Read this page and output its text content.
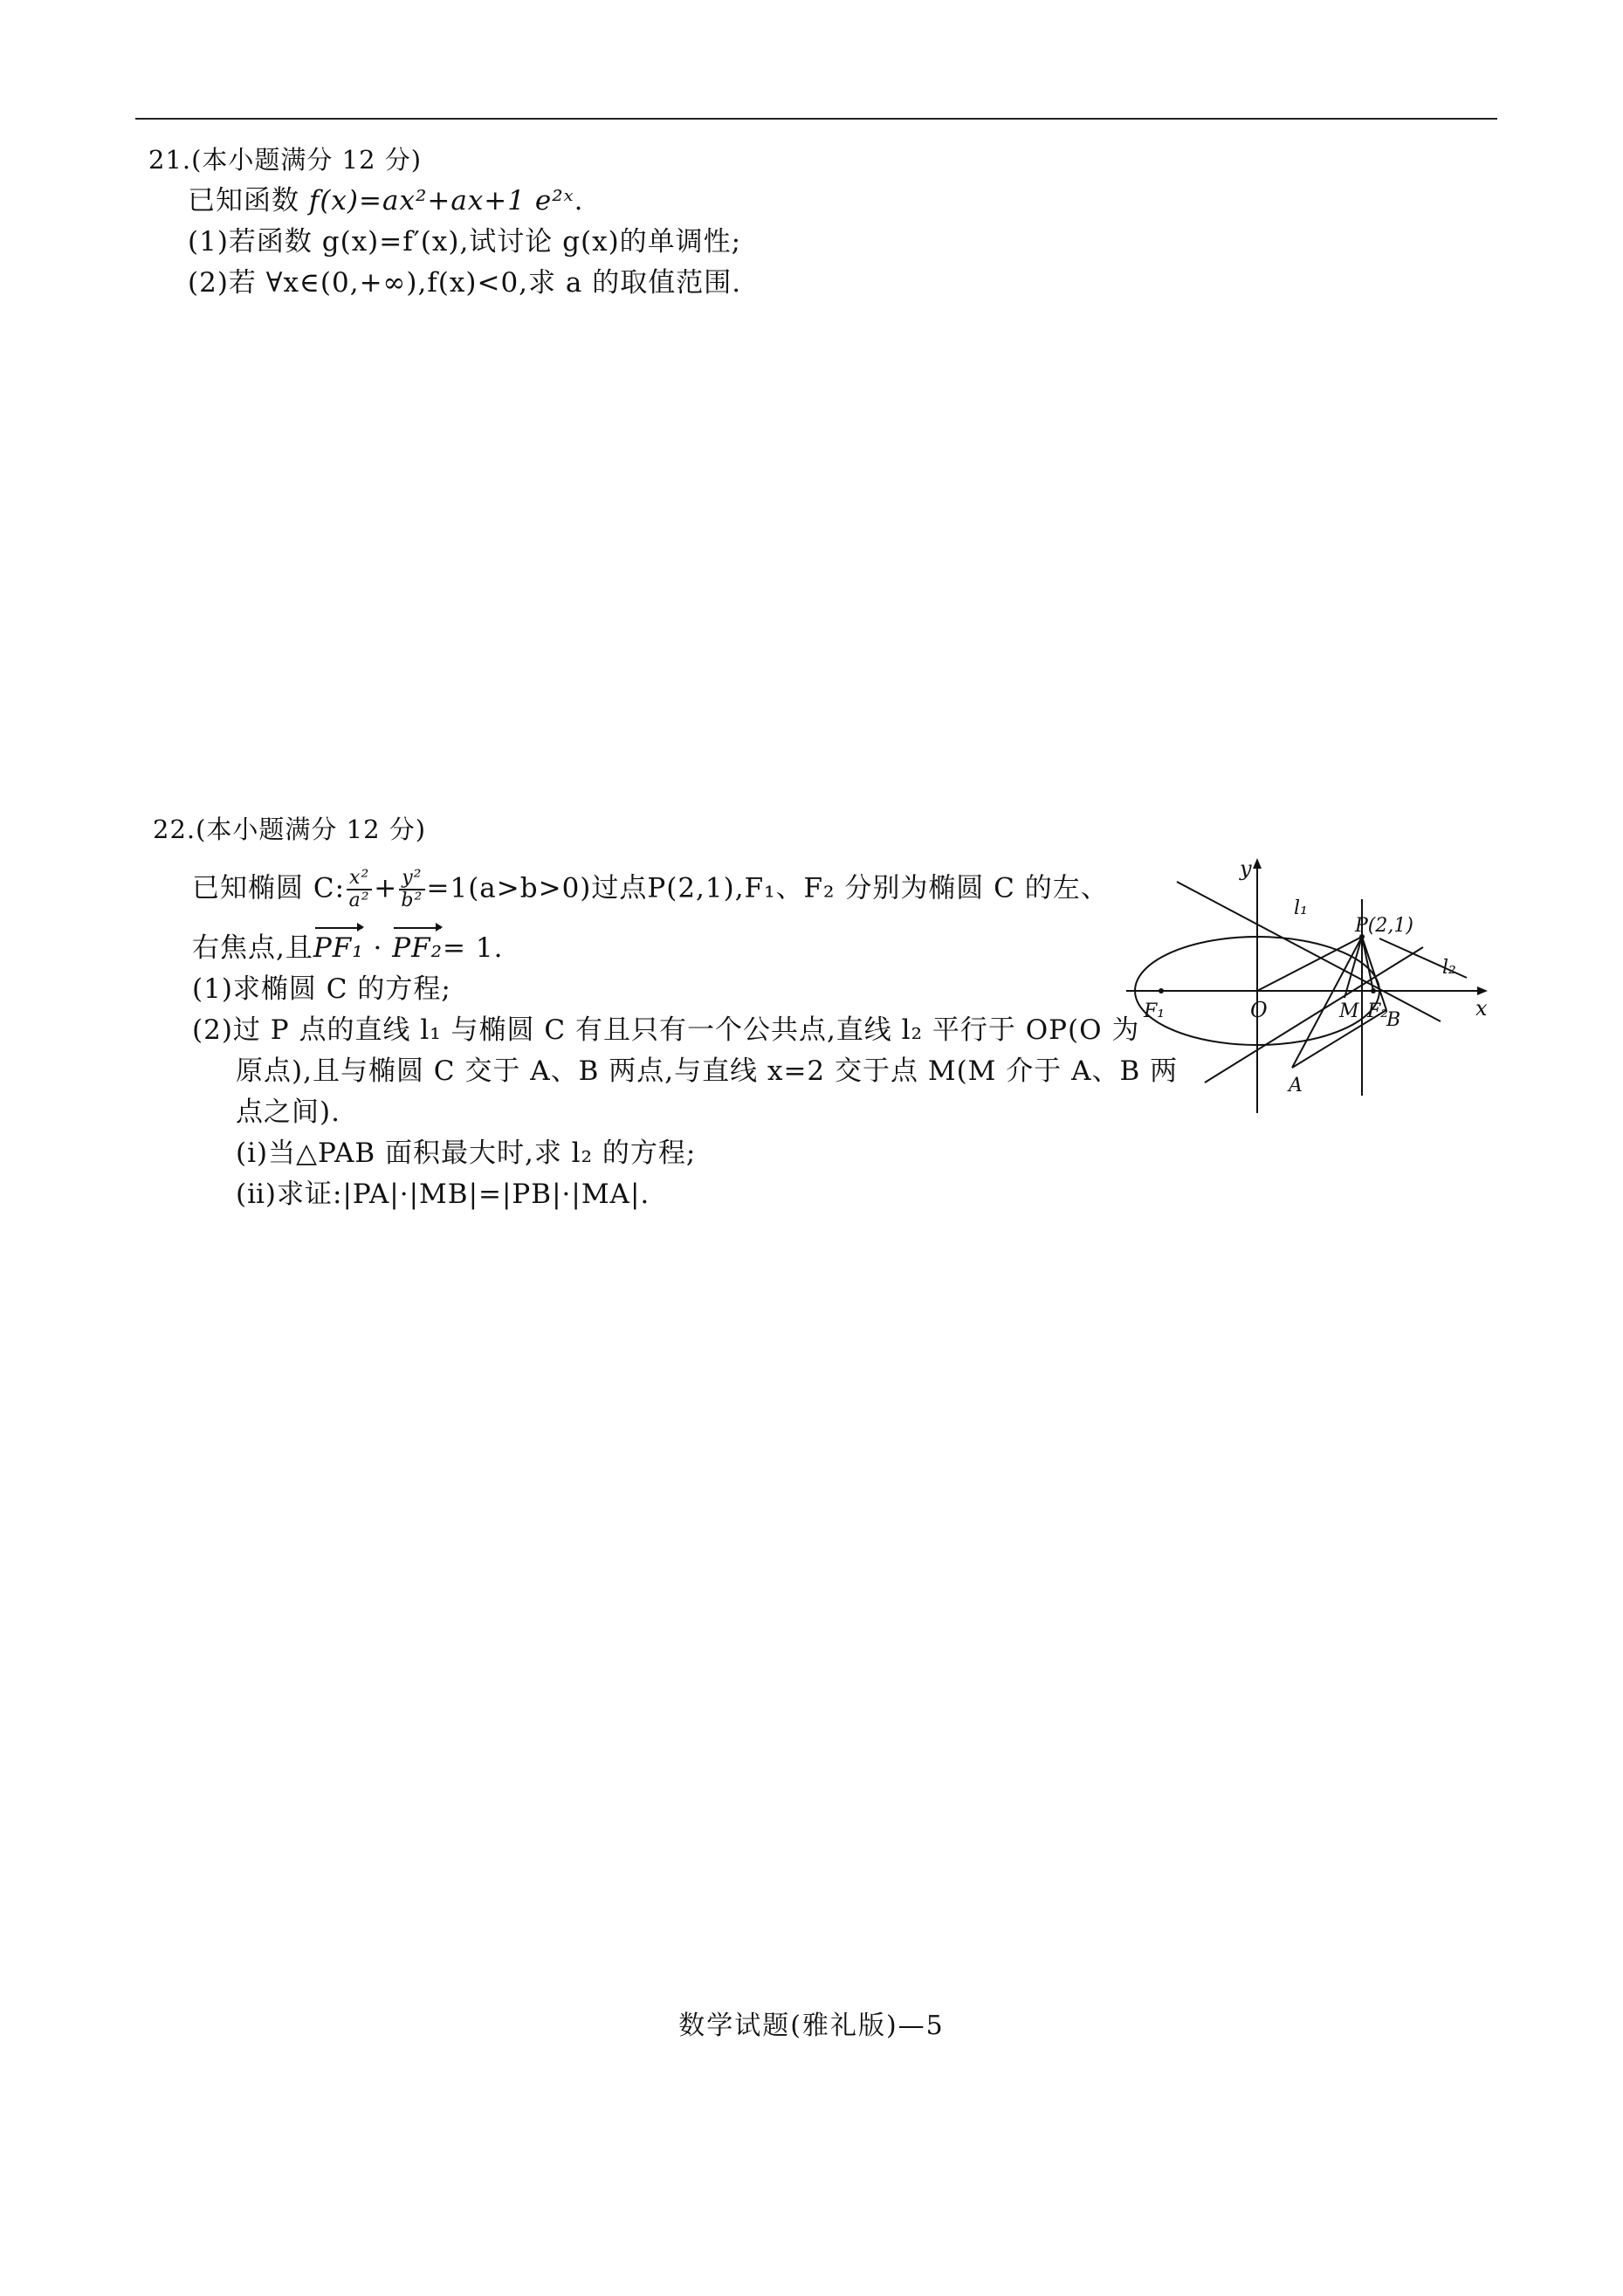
21.(本小题满分 12 分)
已知函数 f(x)=ax²+ax+1 e²ˣ.
(1)若函数 g(x)=f′(x),试讨论 g(x)的单调性;
(2)若 ∀x∈(0,+∞),f(x)<0,求 a 的取值范围.
22.(本小题满分 12 分)
已知椭圆 C: $\frac{\text{x²}}{\text{a²}} + \frac{\text{y²}}{\text{b²}} =1(a>b>0)$过点P(2,1),F₁、F₂ 分别为椭圆 C 的左、
右焦点,且PF₁ · PF₂= 1.
(1)求椭圆 C 的方程;
(2)过 P 点的直线 l₁ 与椭圆 C 有且只有一个公共点,直线 l₂ 平行于 OP(O 为
原点),且与椭圆 C 交于 A、B 两点,与直线 x=2 交于点 M(M 介于 A、B 两
点之间).
(ⅰ)当△PAB 面积最大时,求 l₂ 的方程;
(ⅱ)求证:|PA|·|MB|=|PB|·|MA|.
y
x
O
F₁	F₂
P(2,1)
M
A
B
l₁
l₂
数学试题(雅礼版)—5
